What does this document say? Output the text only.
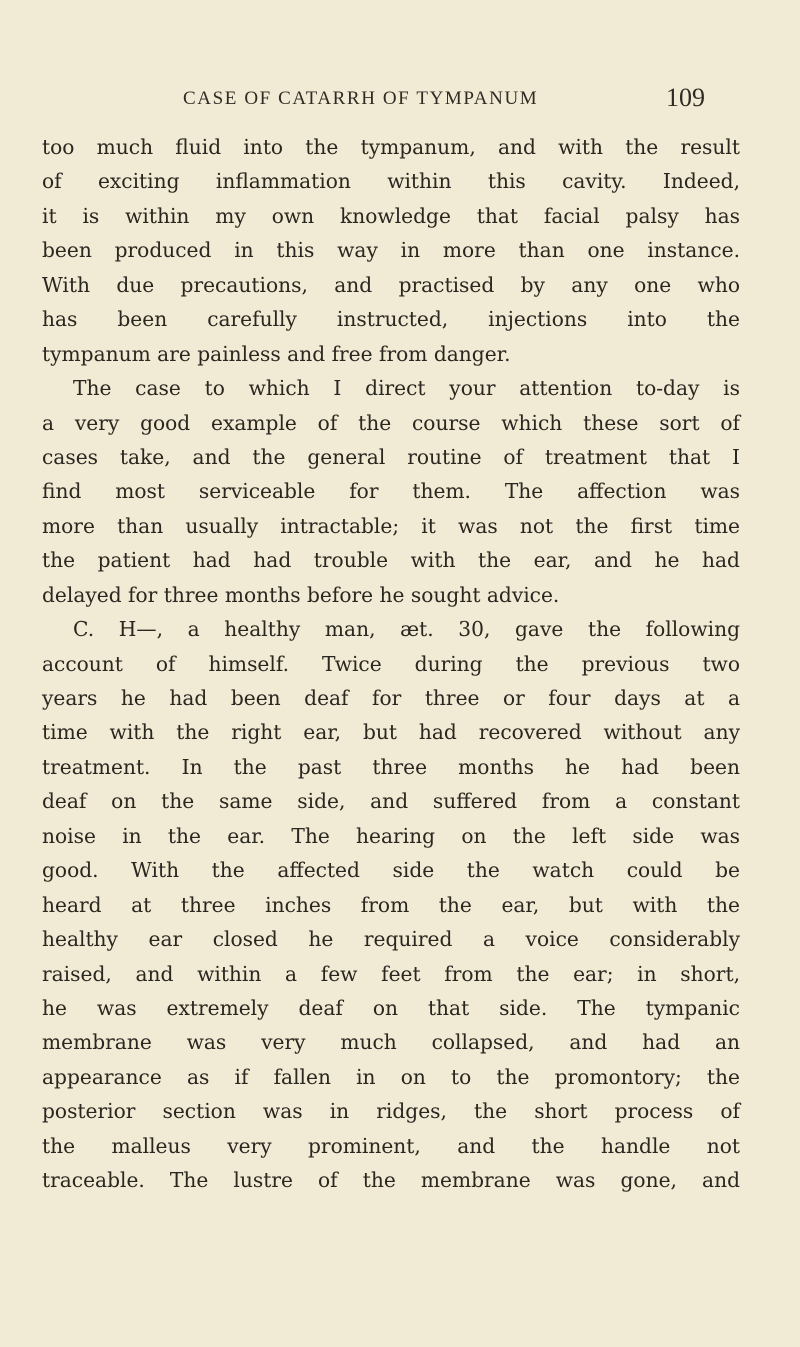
CASE OF CATARRH OF TYMPANUM	109
too much fluid into the tympanum, and with the result
of exciting inflammation within this cavity. Indeed,
it is within my own knowledge that facial palsy has
been produced in this way in more than one instance.
With due precautions, and practised by any one who
has been carefully instructed, injections into the
tympanum are painless and free from danger.
The case to which I direct your attention to-day is
a very good example of the course which these sort of
cases take, and the general routine of treatment that I
find most serviceable for them. The affection was
more than usually intractable; it was not the first time
the patient had had trouble with the ear, and he had
delayed for three months before he sought advice.
C. H—, a healthy man, æt. 30, gave the following
account of himself. Twice during the previous two
years he had been deaf for three or four days at a
time with the right ear, but had recovered without any
treatment. In the past three months he had been
deaf on the same side, and suffered from a constant
noise in the ear. The hearing on the left side was
good. With the affected side the watch could be
heard at three inches from the ear, but with the
healthy ear closed he required a voice considerably
raised, and within a few feet from the ear; in short,
he was extremely deaf on that side. The tympanic
membrane was very much collapsed, and had an
appearance as if fallen in on to the promontory; the
posterior section was in ridges, the short process of
the malleus very prominent, and the handle not
traceable. The lustre of the membrane was gone, and
